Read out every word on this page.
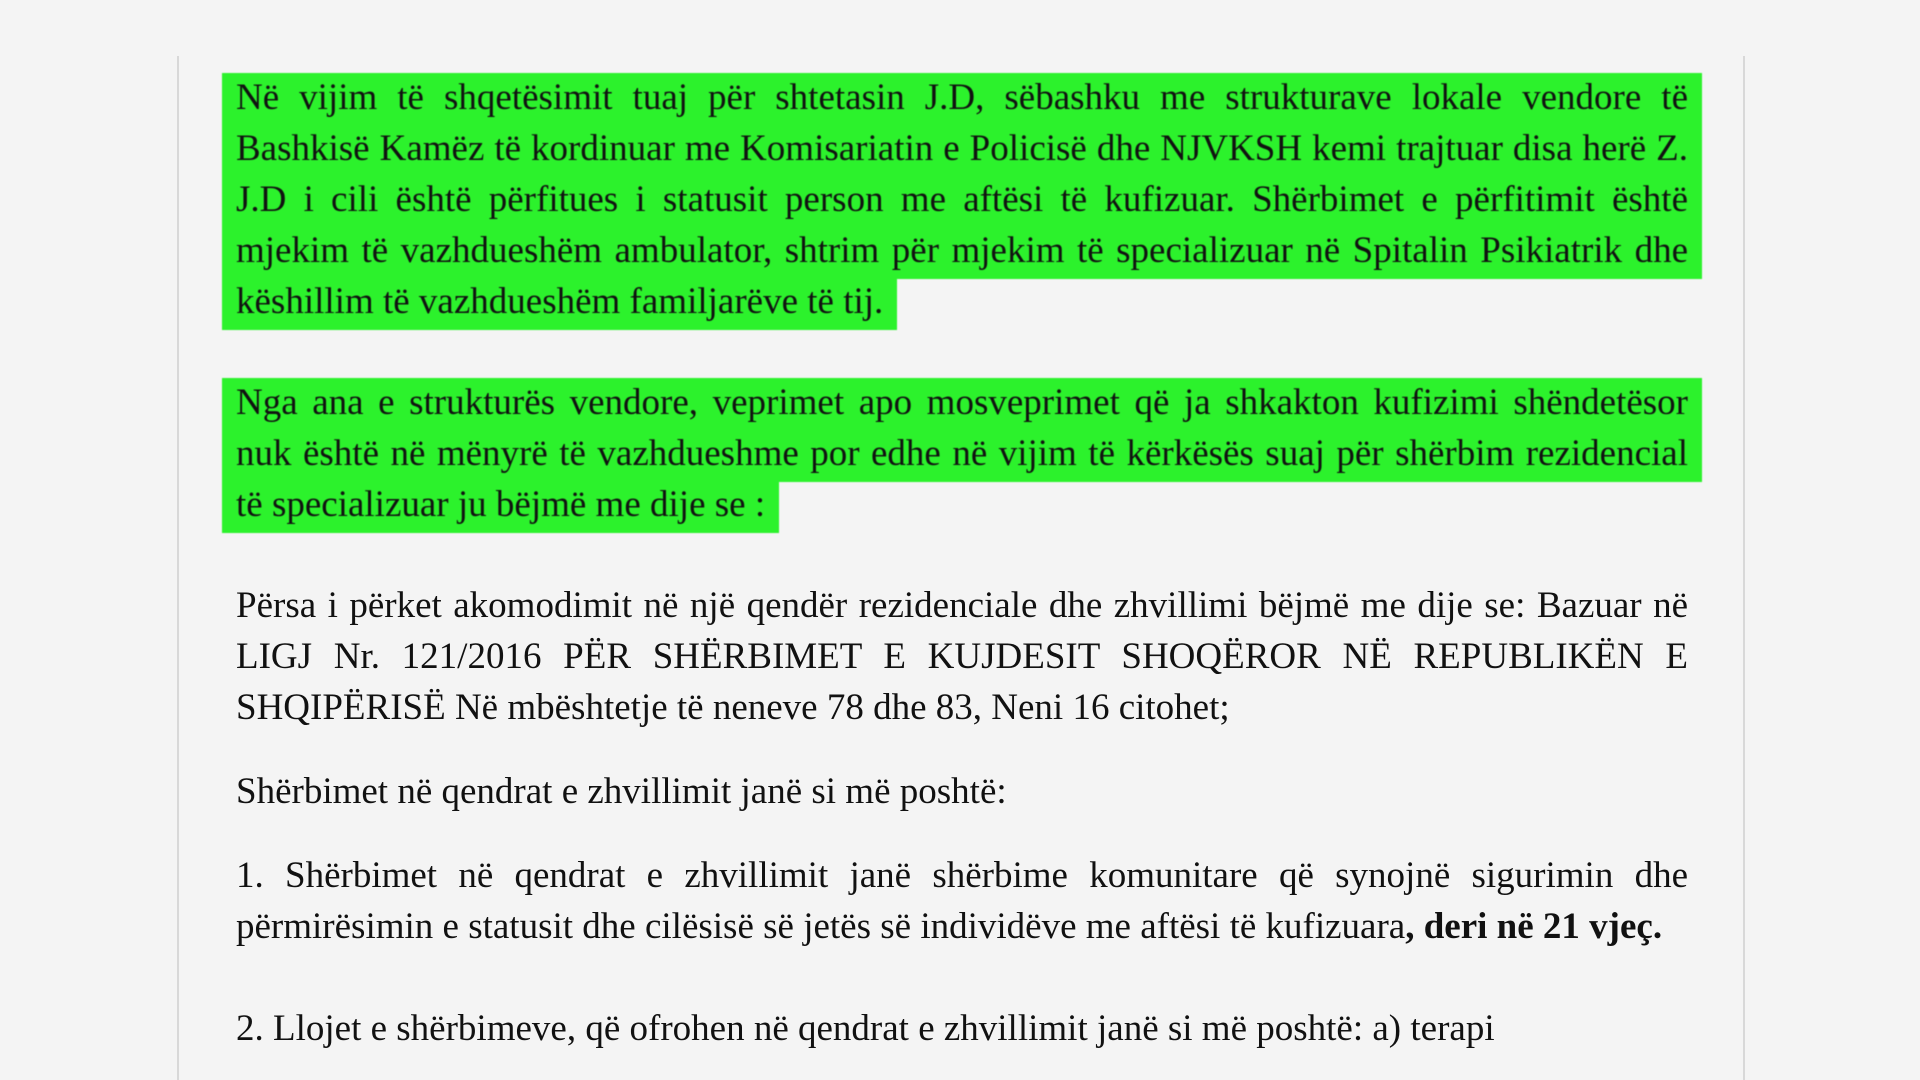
Në vijim të shqetësimit tuaj për shtetasin J.D, sëbashku me strukturave lokale vendore të Bashkisë Kamëz të kordinuar me Komisariatin e Policisë dhe NJVKSH kemi trajtuar disa herë Z. J.D i cili është përfitues i statusit person me aftësi të kufizuar. Shërbimet e përfitimit është mjekim të vazhdueshëm ambulator, shtrim për mjekim të specializuar në Spitalin Psikiatrik dhe këshillim të vazhdueshëm familjarëve të tij.

Nga ana e strukturës vendore, veprimet apo mosveprimet që ja shkakton kufizimi shëndetësor nuk është në mënyrë të vazhdueshme por edhe në vijim të kërkësës suaj për shërbim rezidencial të specializuar ju bëjmë me dije se :

Përsa i përket akomodimit në një qendër rezidenciale dhe zhvillimi bëjmë me dije se: Bazuar në LIGJ Nr. 121/2016 PËR SHËRBIMET E KUJDESIT SHOQËROR NË REPUBLIKËN E SHQIPËRISË Në mbështetje të neneve 78 dhe 83, Neni 16 citohet;

Shërbimet në qendrat e zhvillimit janë si më poshtë:

1. Shërbimet në qendrat e zhvillimit janë shërbime komunitare që synojnë sigurimin dhe përmirësimin e statusit dhe cilësisë së jetës së individëve me aftësi të kufizuara, deri në 21 vjeç.

2. Llojet e shërbimeve, që ofrohen në qendrat e zhvillimit janë si më poshtë: a) terapi
